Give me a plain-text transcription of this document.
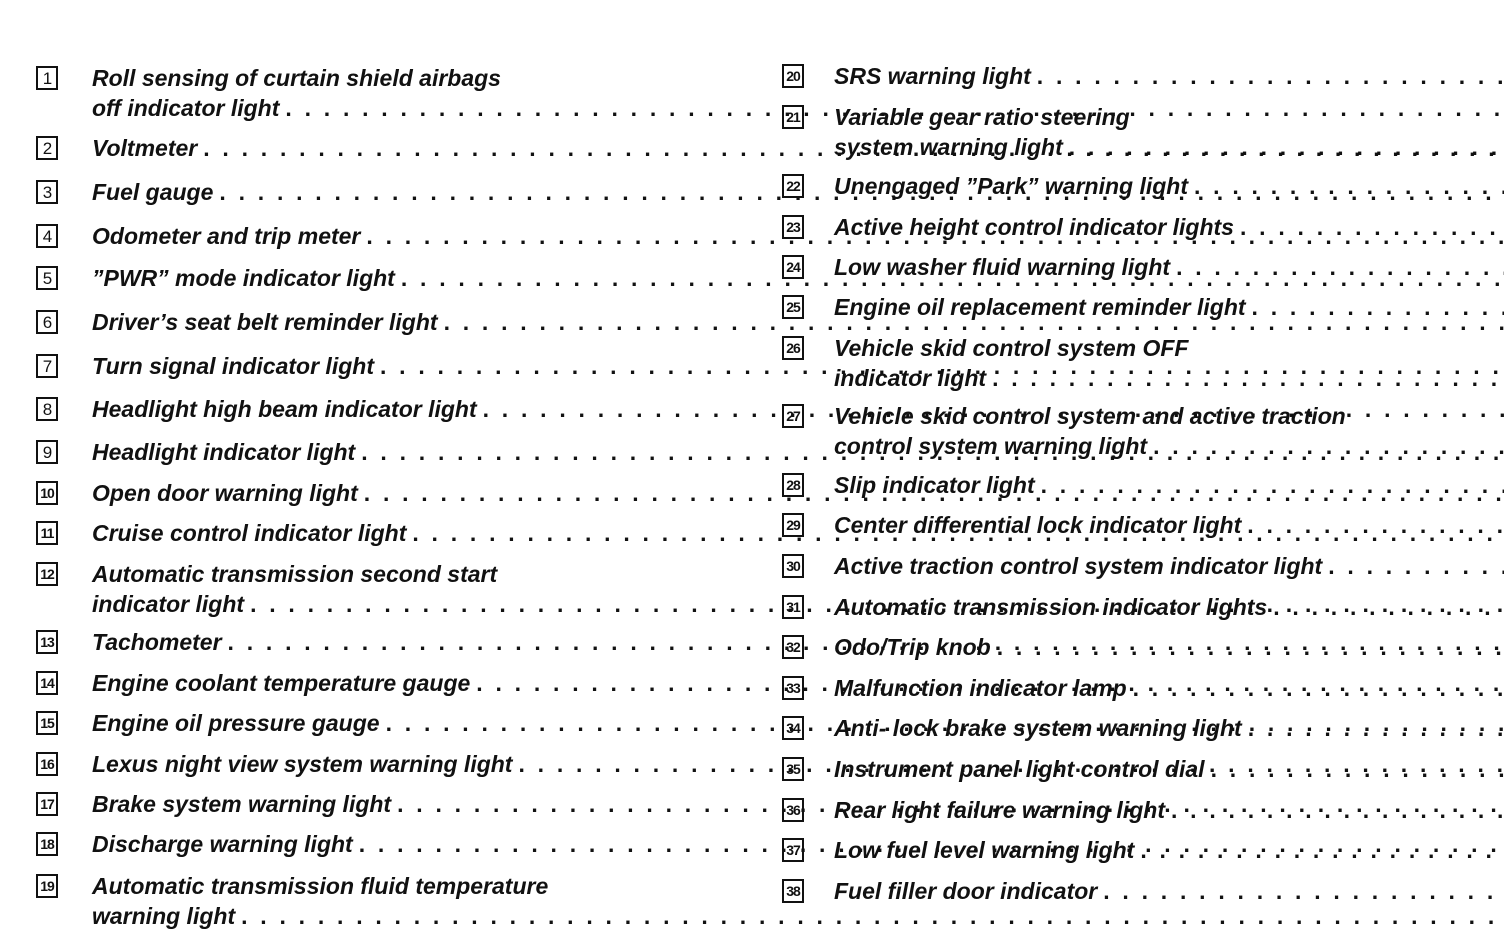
1 Roll sensing of curtain shield airbags
off indicator light
. . .
2 Voltmeter
. . .
3 Fuel gauge
. . .
4 Odometer and trip meter
. . .
5 ”PWR” mode indicator light
. . .
6 Driver’s seat belt reminder light
. . .
7 Turn signal indicator light
. . .
8 Headlight high beam indicator light
. . .
9 Headlight indicator light
. . .
10 Open door warning light
. . .
11 Cruise control indicator light
. . .
12 Automatic transmission second start
indicator light
. . .
13 Tachometer
. . .
14 Engine coolant temperature gauge
. . .
15 Engine oil pressure gauge
. . .
16 Lexus night view system warning light
. . .
17 Brake system warning light
. . .
18 Discharge warning light
. . .
19 Automatic transmission fluid temperature
warning light
. . .
20 SRS warning light
. . .
21 Variable gear ratio steering
system warning light
. . .
22 Unengaged ”Park” warning light
. . .
23 Active height control indicator lights
. . .
24 Low washer fluid warning light
. . .
25 Engine oil replacement reminder light
. . .
26 Vehicle skid control system OFF
indicator light
. . .
27 Vehicle skid control system and active traction
control system warning light
. . .
28 Slip indicator light
. . .
29 Center differential lock indicator light
. . .
30 Active traction control system indicator light
. . .
31 Automatic transmission indicator lights
. . .
32 Odo/Trip knob
. . .
33 Malfunction indicator lamp
. . .
34 Anti- lock brake system warning light
. . .
35 Instrument panel light control dial
. . .
36 Rear light failure warning light
. . .
37 Low fuel level warning light
. . .
38 Fuel filler door indicator
. . .
